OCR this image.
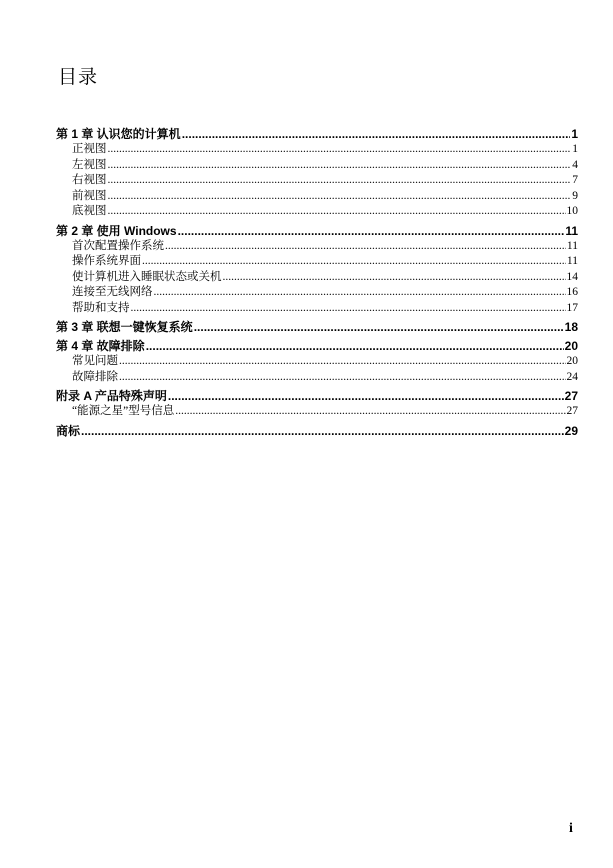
目录
第 1 章 认识您的计算机 .....	1
正视图 .....	1
左视图 .....	4
右视图 .....	7
前视图 .....	9
底视图 .....	10
第 2 章 使用 Windows .....	11
首次配置操作系统 .....	11
操作系统界面 .....	11
使计算机进入睡眠状态或关机 .....	14
连接至无线网络 .....	16
帮助和支持 .....	17
第 3 章 联想一键恢复系统 .....	18
第 4 章 故障排除 .....	20
常见问题 .....	20
故障排除 .....	24
附录 A 产品特殊声明 .....	27
“能源之星”型号信息 .....	27
商标 .....	29
i
